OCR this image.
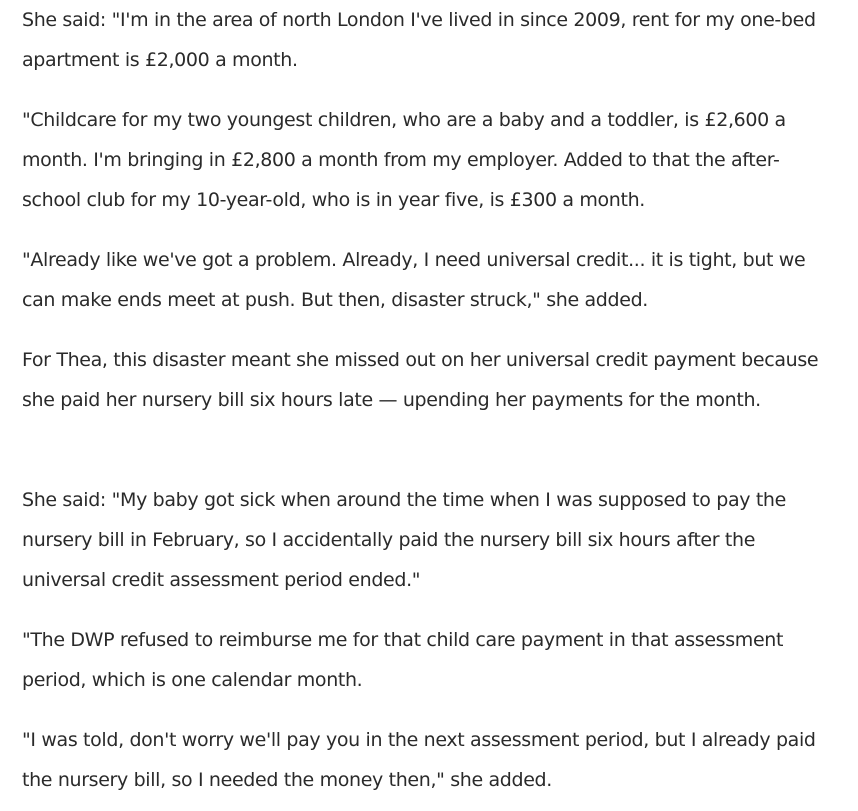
She said: "I'm in the area of north London I've lived in since 2009, rent for my one-bed apartment is £2,000 a month.

"Childcare for my two youngest children, who are a baby and a toddler, is £2,600 a month. I'm bringing in £2,800 a month from my employer. Added to that the after-school club for my 10-year-old, who is in year five, is £300 a month.

"Already like we've got a problem. Already, I need universal credit... it is tight, but we can make ends meet at push. But then, disaster struck," she added.

For Thea, this disaster meant she missed out on her universal credit payment because she paid her nursery bill six hours late — upending her payments for the month.

She said: "My baby got sick when around the time when I was supposed to pay the nursery bill in February, so I accidentally paid the nursery bill six hours after the universal credit assessment period ended."

"The DWP refused to reimburse me for that child care payment in that assessment period, which is one calendar month.

"I was told, don't worry we'll pay you in the next assessment period, but I already paid the nursery bill, so I needed the money then," she added.
